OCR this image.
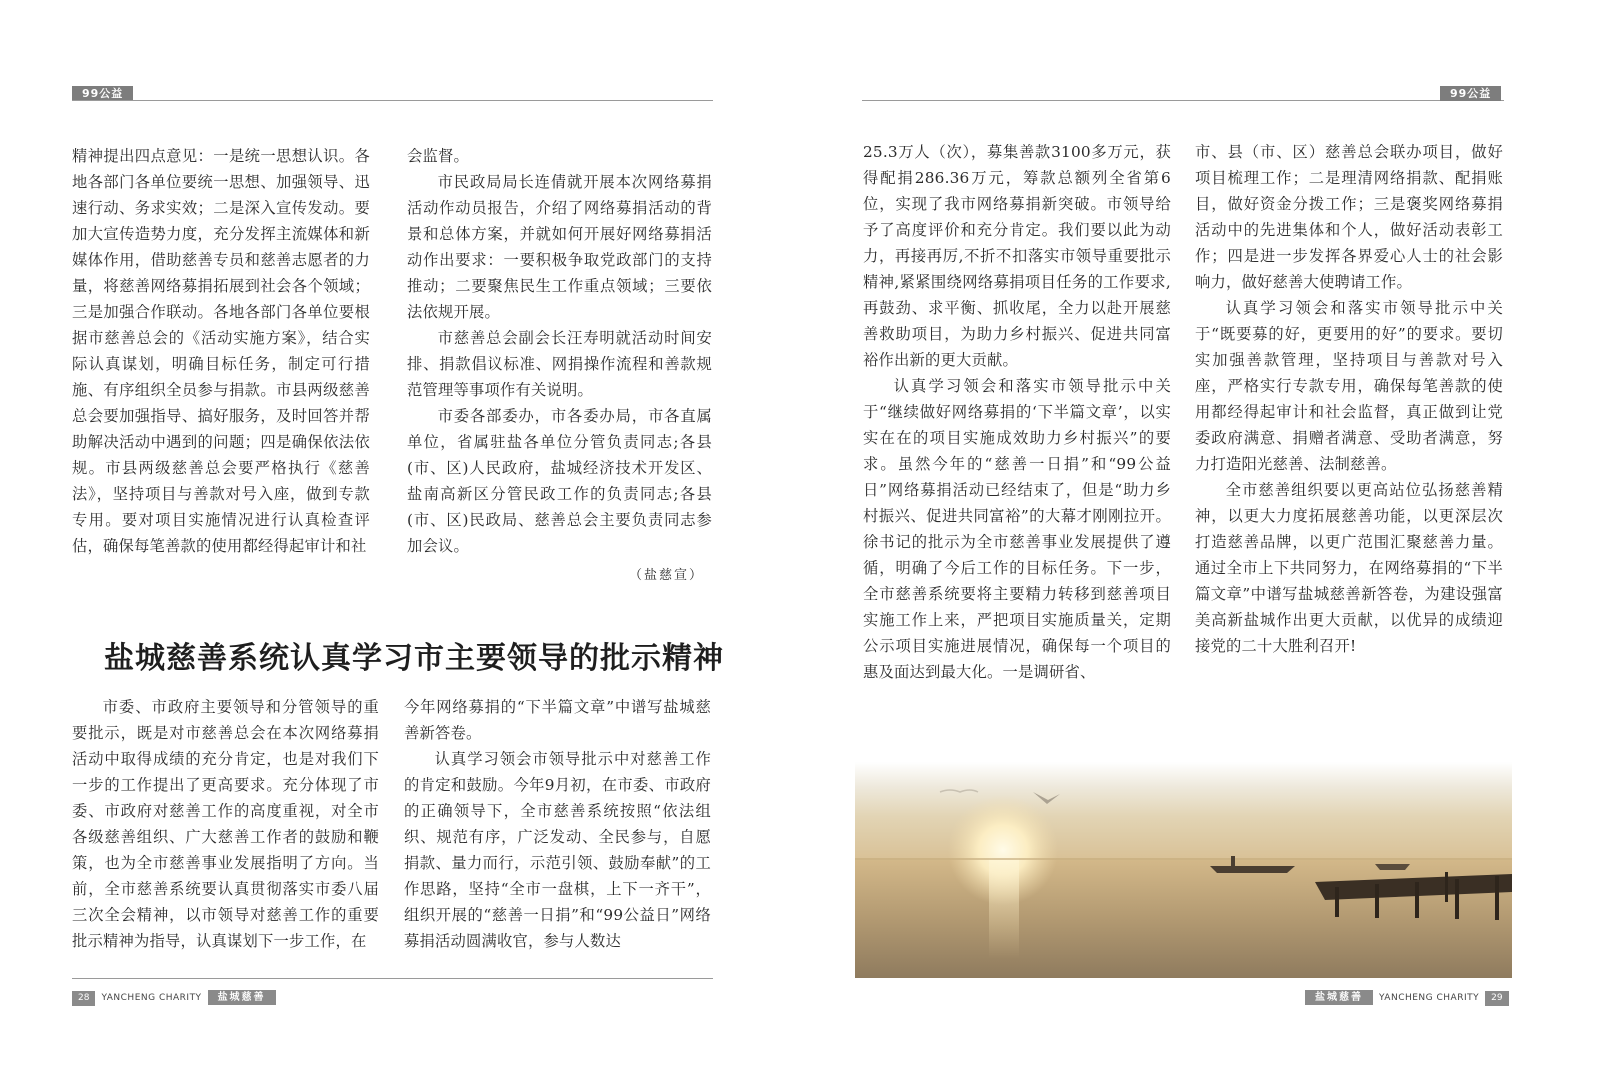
99公益

精神提出四点意见：一是统一思想认识。各地各部门各单位要统一思想、加强领导、迅速行动、务求实效；二是深入宣传发动。要加大宣传造势力度，充分发挥主流媒体和新媒体作用，借助慈善专员和慈善志愿者的力量，将慈善网络募捐拓展到社会各个领域；三是加强合作联动。各地各部门各单位要根据市慈善总会的《活动实施方案》，结合实际认真谋划，明确目标任务，制定可行措施、有序组织全员参与捐款。市县两级慈善总会要加强指导、搞好服务，及时回答并帮助解决活动中遇到的问题；四是确保依法依规。市县两级慈善总会要严格执行《慈善法》，坚持项目与善款对号入座，做到专款专用。要对项目实施情况进行认真检查评估，确保每笔善款的使用都经得起审计和社

会监督。

市民政局局长连倩就开展本次网络募捐活动作动员报告，介绍了网络募捐活动的背景和总体方案，并就如何开展好网络募捐活动作出要求：一要积极争取党政部门的支持推动；二要聚焦民生工作重点领域；三要依法依规开展。

市慈善总会副会长汪寿明就活动时间安排、捐款倡议标准、网捐操作流程和善款规范管理等事项作有关说明。

市委各部委办，市各委办局，市各直属单位，省属驻盐各单位分管负责同志;各县(市、区)人民政府，盐城经济技术开发区、盐南高新区分管民政工作的负责同志;各县(市、区)民政局、慈善总会主要负责同志参加会议。

（盐慈宣）

盐城慈善系统认真学习市主要领导的批示精神

市委、市政府主要领导和分管领导的重要批示，既是对市慈善总会在本次网络募捐活动中取得成绩的充分肯定，也是对我们下一步的工作提出了更高要求。充分体现了市委、市政府对慈善工作的高度重视，对全市各级慈善组织、广大慈善工作者的鼓励和鞭策，也为全市慈善事业发展指明了方向。当前，全市慈善系统要认真贯彻落实市委八届三次全会精神，以市领导对慈善工作的重要批示精神为指导，认真谋划下一步工作，在

今年网络募捐的“下半篇文章”中谱写盐城慈善新答卷。

认真学习领会市领导批示中对慈善工作的肯定和鼓励。今年9月初，在市委、市政府的正确领导下，全市慈善系统按照“依法组织、规范有序，广泛发动、全民参与，自愿捐款、量力而行，示范引领、鼓励奉献”的工作思路，坚持“全市一盘棋，上下一齐干”，组织开展的“慈善一日捐”和“99公益日”网络募捐活动圆满收官，参与人数达

28 YANCHENG CHARITY 盐城慈善
99公益

25.3万人（次），募集善款3100多万元，获得配捐286.36万元，筹款总额列全省第6位，实现了我市网络募捐新突破。市领导给予了高度评价和充分肯定。我们要以此为动力，再接再厉,不折不扣落实市领导重要批示精神,紧紧围绕网络募捐项目任务的工作要求,再鼓劲、求平衡、抓收尾，全力以赴开展慈善救助项目，为助力乡村振兴、促进共同富裕作出新的更大贡献。

认真学习领会和落实市领导批示中关于“继续做好网络募捐的‘下半篇文章’，以实实在在的项目实施成效助力乡村振兴”的要求。虽然今年的“慈善一日捐”和“99公益日”网络募捐活动已经结束了，但是“助力乡村振兴、促进共同富裕”的大幕才刚刚拉开。徐书记的批示为全市慈善事业发展提供了遵循，明确了今后工作的目标任务。下一步，全市慈善系统要将主要精力转移到慈善项目实施工作上来，严把项目实施质量关，定期公示项目实施进展情况，确保每一个项目的惠及面达到最大化。一是调研省、

市、县（市、区）慈善总会联办项目，做好项目梳理工作；二是理清网络捐款、配捐账目，做好资金分拨工作；三是褒奖网络募捐活动中的先进集体和个人，做好活动表彰工作；四是进一步发挥各界爱心人士的社会影响力，做好慈善大使聘请工作。

认真学习领会和落实市领导批示中关于“既要募的好，更要用的好”的要求。要切实加强善款管理，坚持项目与善款对号入座，严格实行专款专用，确保每笔善款的使用都经得起审计和社会监督，真正做到让党委政府满意、捐赠者满意、受助者满意，努力打造阳光慈善、法制慈善。

全市慈善组织要以更高站位弘扬慈善精神，以更大力度拓展慈善功能，以更深层次打造慈善品牌，以更广范围汇聚慈善力量。通过全市上下共同努力，在网络募捐的“下半篇文章”中谱写盐城慈善新答卷，为建设强富美高新盐城作出更大贡献，以优异的成绩迎接党的二十大胜利召开!

盐城慈善 YANCHENG CHARITY 29
